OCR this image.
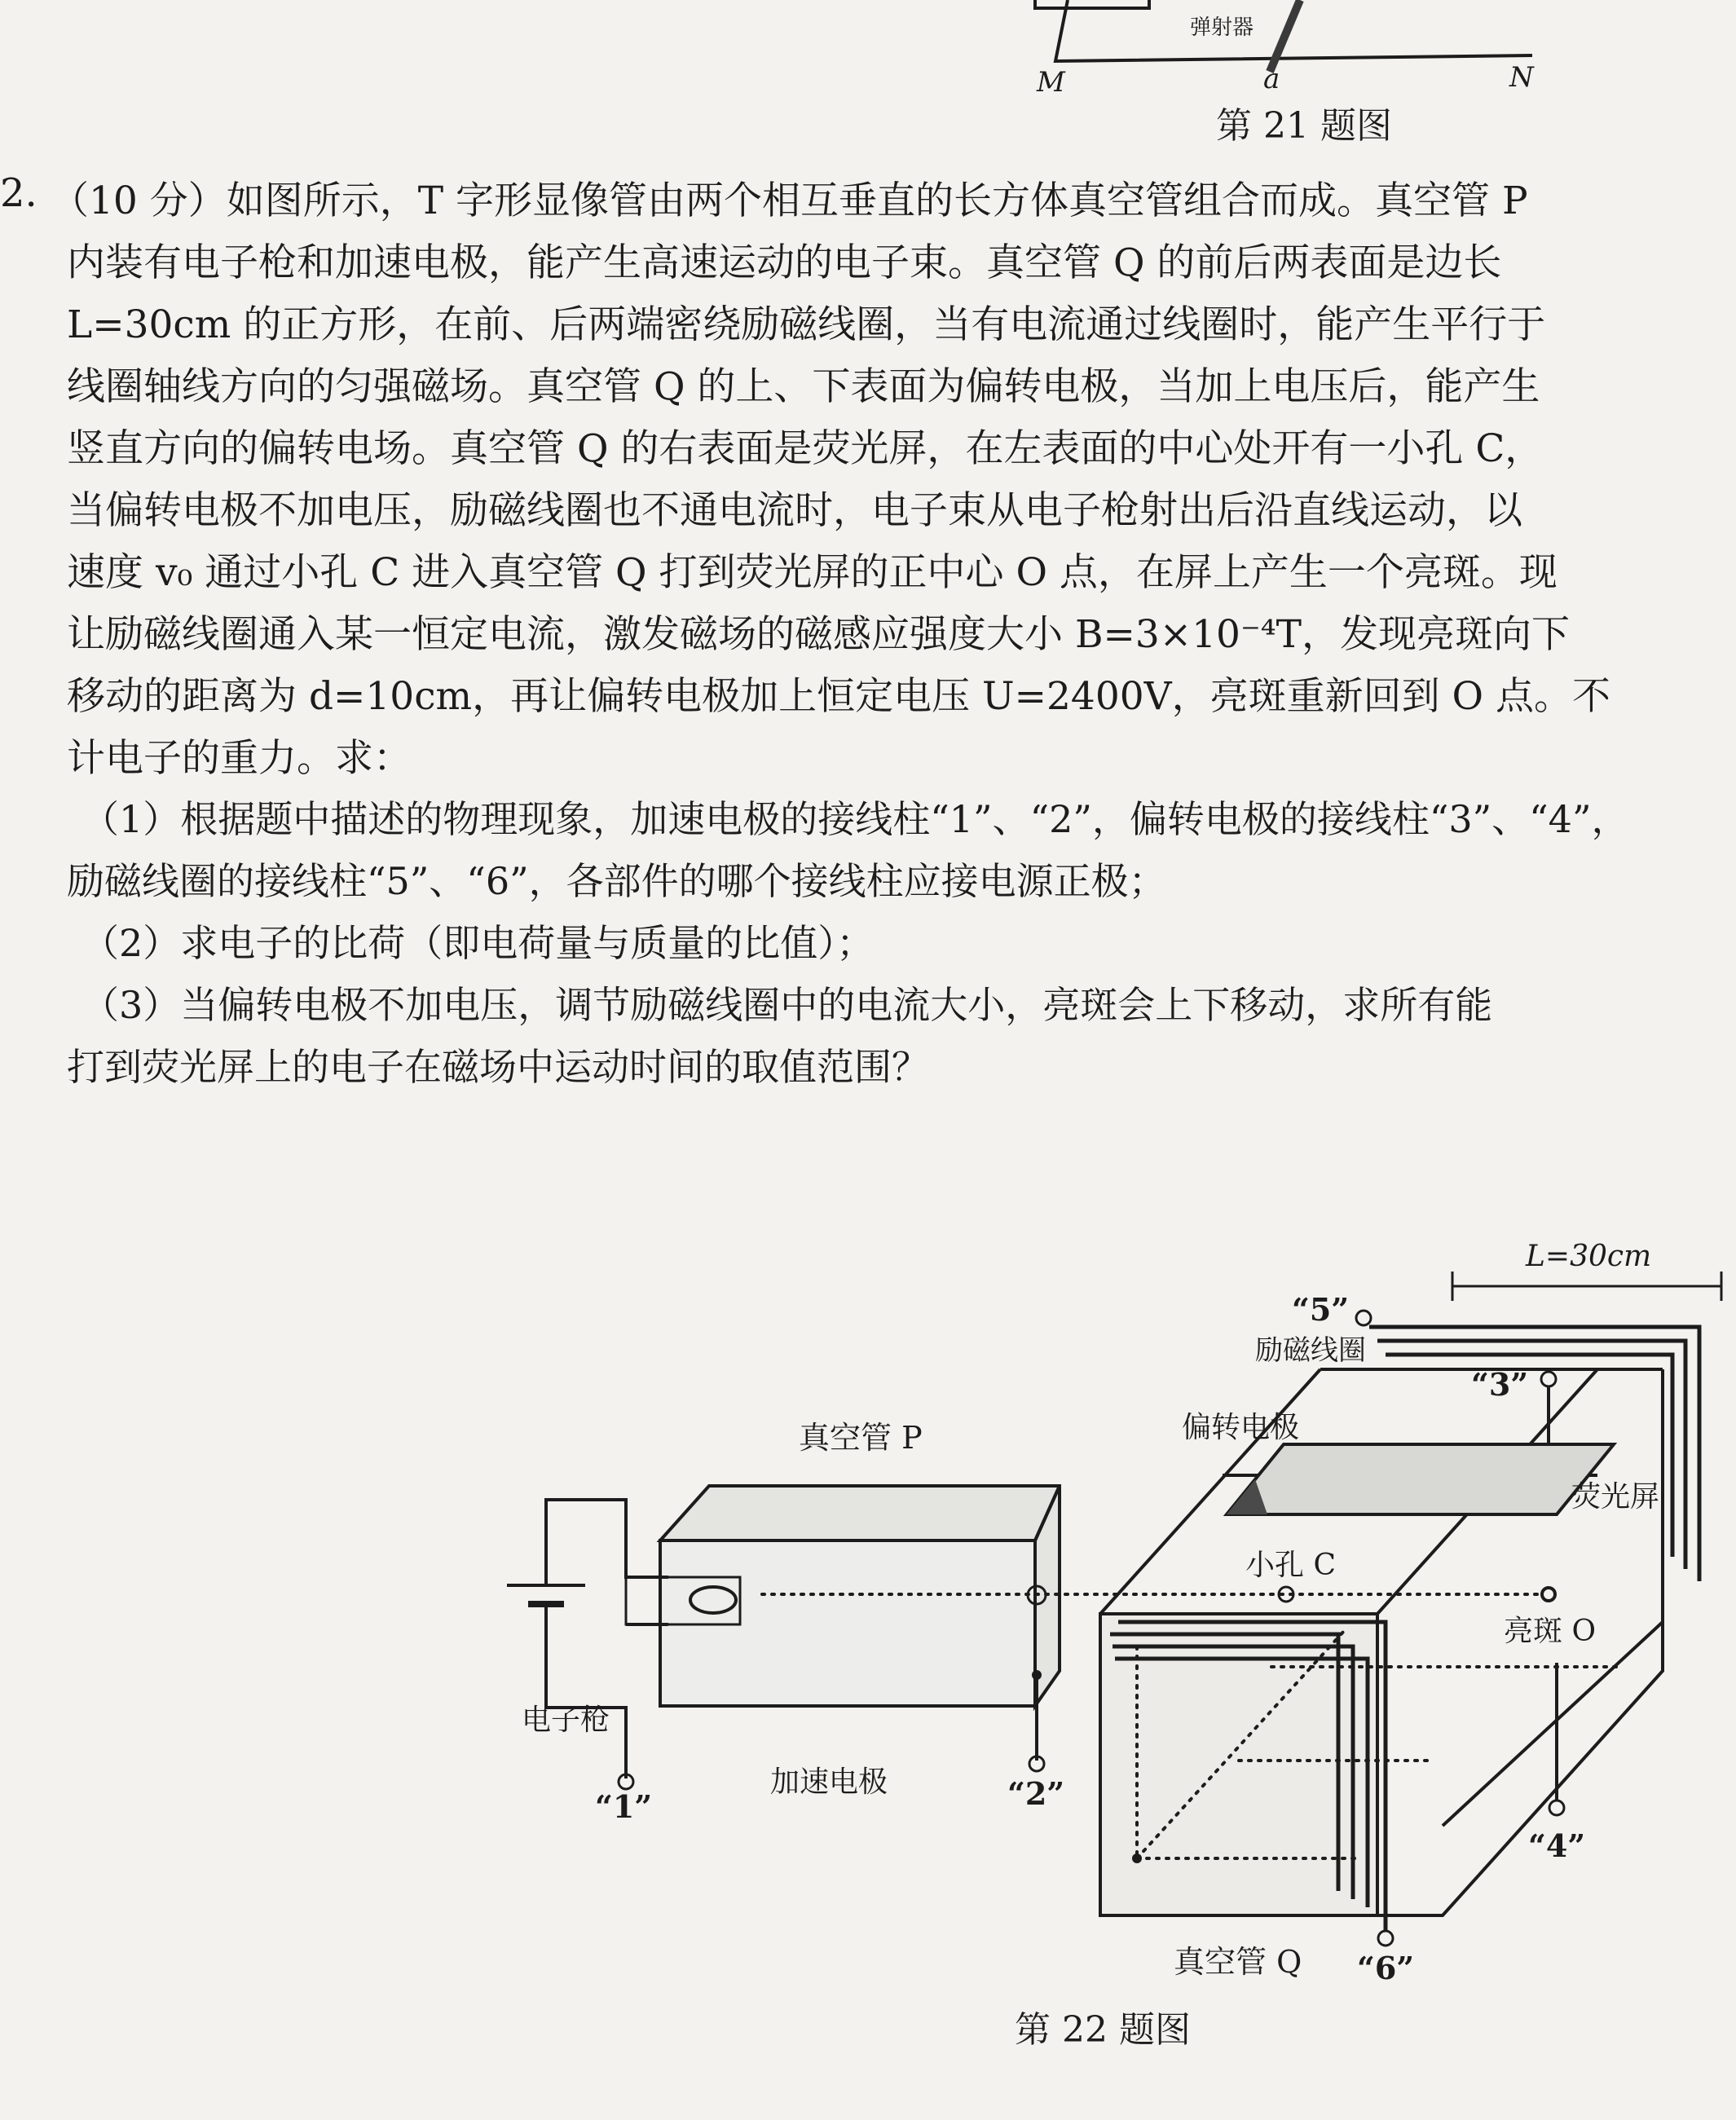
弹射器
M	a	N
第 21 题图
2. （10 分）如图所示，T 字形显像管由两个相互垂直的长方体真空管组合而成。真空管 P
内装有电子枪和加速电极，能产生高速运动的电子束。真空管 Q 的前后两表面是边长
L=30cm 的正方形，在前、后两端密绕励磁线圈，当有电流通过线圈时，能产生平行于
线圈轴线方向的匀强磁场。真空管 Q 的上、下表面为偏转电极，当加上电压后，能产生
竖直方向的偏转电场。真空管 Q 的右表面是荧光屏，在左表面的中心处开有一小孔 C，
当偏转电极不加电压，励磁线圈也不通电流时，电子束从电子枪射出后沿直线运动，以
速度 v₀ 通过小孔 C 进入真空管 Q 打到荧光屏的正中心 O 点，在屏上产生一个亮斑。现
让励磁线圈通入某一恒定电流，激发磁场的磁感应强度大小 B=3×10⁻⁴T，发现亮斑向下
移动的距离为 d=10cm，再让偏转电极加上恒定电压 U=2400V，亮斑重新回到 O 点。不
计电子的重力。求：
（1）根据题中描述的物理现象，加速电极的接线柱“1”、“2”，偏转电极的接线柱“3”、“4”，
励磁线圈的接线柱“5”、“6”，各部件的哪个接线柱应接电源正极；
（2）求电子的比荷（即电荷量与质量的比值）；
（3）当偏转电极不加电压，调节励磁线圈中的电流大小，亮斑会上下移动，求所有能
打到荧光屏上的电子在磁场中运动时间的取值范围？
真空管 P
电子枪
加速电极
偏转电极
励磁线圈
荧光屏
小孔 C
亮斑 O
L=30cm
真空管 Q
“1”	“2”
“3”
“4”
“5”
“6”
第 22 题图
